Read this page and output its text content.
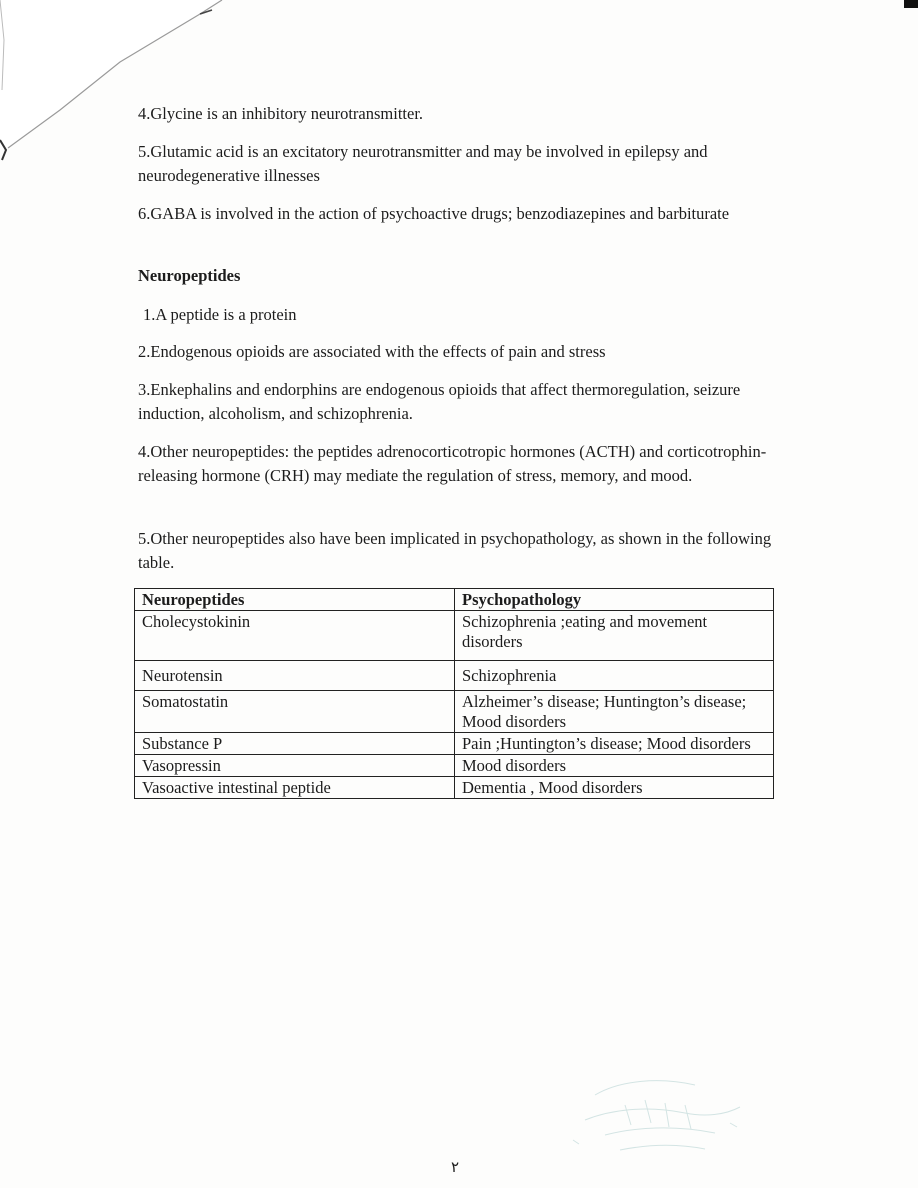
4.Glycine is an inhibitory neurotransmitter.

5.Glutamic acid is an excitatory neurotransmitter and may be involved in epilepsy and neurodegenerative illnesses

6.GABA is involved in the action of psychoactive drugs; benzodiazepines and barbiturate

Neuropeptides

1.A peptide is a protein

2.Endogenous opioids are associated with the effects of pain and stress

3.Enkephalins and endorphins are endogenous opioids that affect thermoregulation, seizure induction, alcoholism, and schizophrenia.

4.Other neuropeptides: the peptides adrenocorticotropic hormones (ACTH) and corticotrophin- releasing hormone (CRH) may mediate the regulation of stress, memory, and mood.

5.Other neuropeptides also have been implicated in psychopathology, as shown in the following table.

Neuropeptides	Psychopathology
Cholecystokinin	Schizophrenia ;eating and movement disorders
Neurotensin	Schizophrenia
Somatostatin	Alzheimer’s disease; Huntington’s disease; Mood disorders
Substance P	Pain ;Huntington’s disease; Mood disorders
Vasopressin	Mood disorders
Vasoactive intestinal peptide	Dementia , Mood disorders
٢
